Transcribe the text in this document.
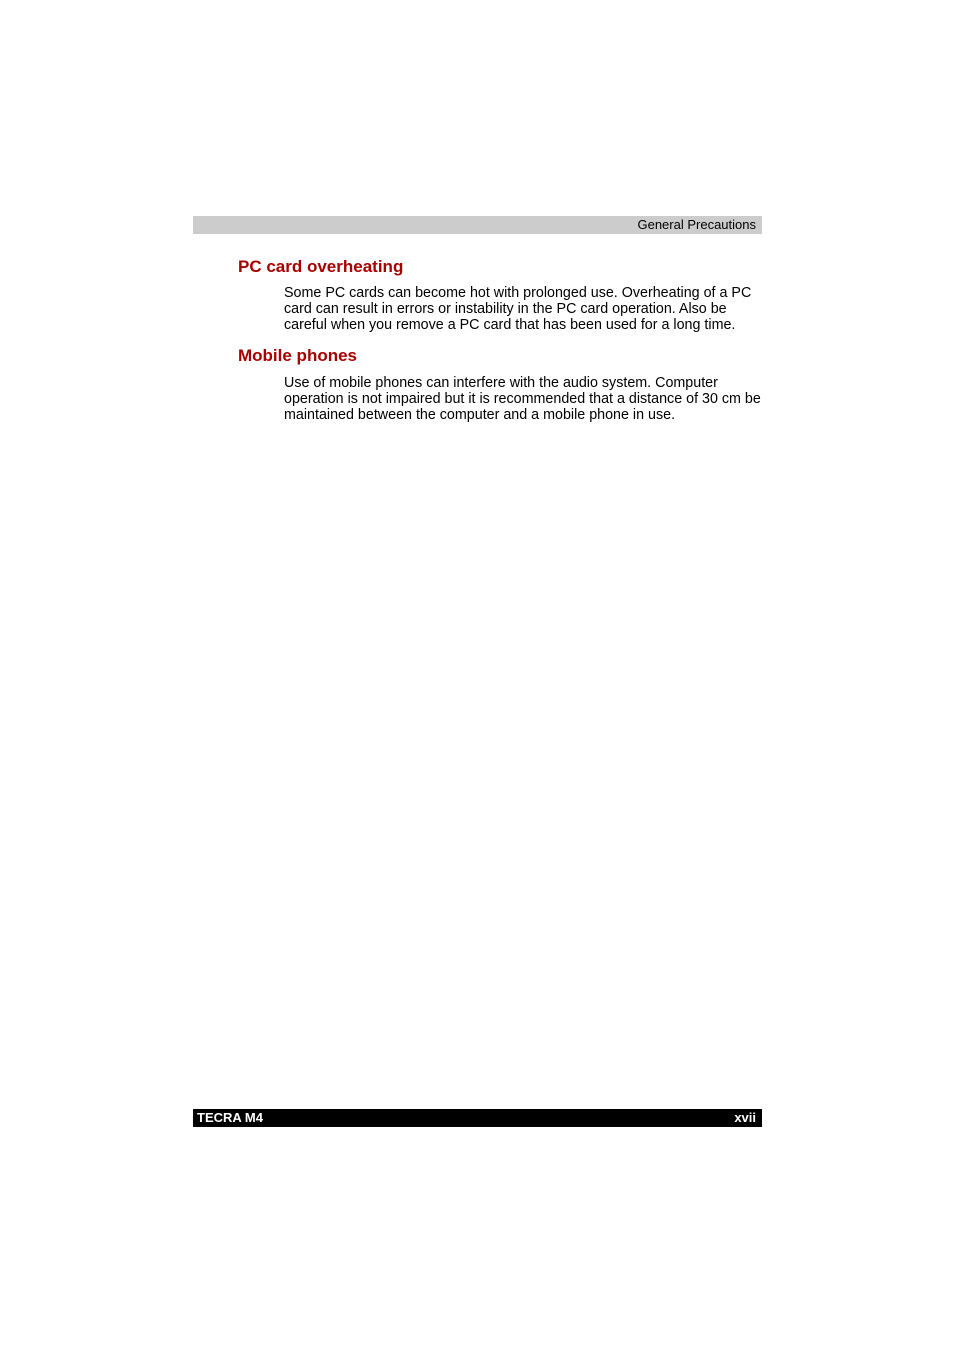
General Precautions
PC card overheating

Some PC cards can become hot with prolonged use. Overheating of a PC card can result in errors or instability in the PC card operation. Also be careful when you remove a PC card that has been used for a long time.

Mobile phones

Use of mobile phones can interfere with the audio system. Computer operation is not impaired but it is recommended that a distance of 30 cm be maintained between the computer and a mobile phone in use.

TECRA M4	xvii
